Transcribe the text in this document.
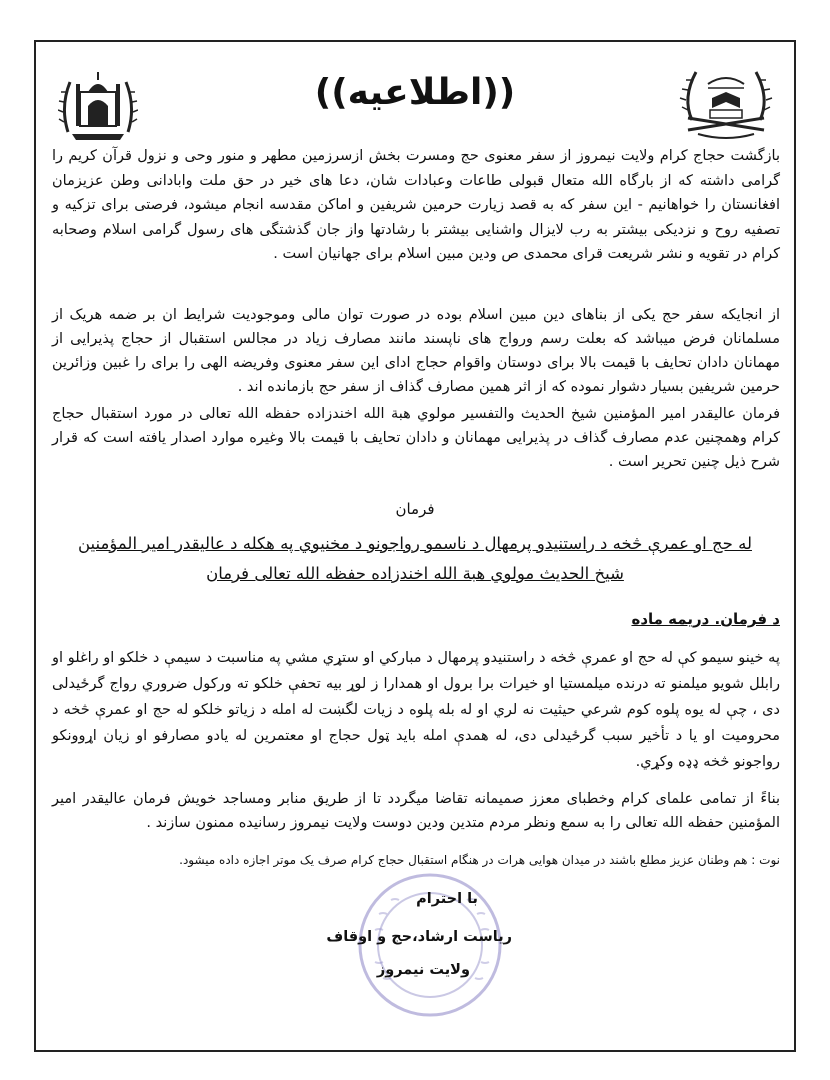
((اطلاعیه))
بازگشت حجاج کرام ولایت نیمروز از سفر معنوی حج ومسرت بخش ازسرزمین مطهر و منور وحی و نزول قرآن کریم را گرامی داشته که از بارگاه الله متعال قبولی طاعات وعبادات شان، دعا های خیر در حق ملت وابادانی وطن عزیزمان افغانستان را خواهانیم - این سفر که به قصد زیارت حرمین شریفین و اماکن مقدسه انجام میشود، فرصتی برای تزکیه و تصفیه روح و نزدیکی بیشتر به رب لایزال واشنایی بیشتر با رشادتها واز جان گذشتگی های رسول گرامی اسلام وصحابه کرام در تقویه و نشر شریعت قرای محمدی ص ودین مبین اسلام برای جهانیان است .
از انجایکه سفر حج یکی از بناهای دین مبین اسلام بوده در صورت توان مالی وموجودیت شرایط ان بر ضمه هریک از مسلمانان فرض میباشد که بعلت رسم ورواج های ناپسند مانند مصارف زیاد در مجالس استقبال از حجاج پذیرایی از مهمانان دادان تحایف با قیمت بالا برای دوستان واقوام حجاج ادای این سفر معنوی وفریضه الهی را برای را غبین وزائرین حرمین شریفین بسیار دشوار نموده که از اثر همین مصارف گذاف از سفر حج بازمانده اند .
فرمان عالیقدر امیر المؤمنین شیخ الحدیث والتفسیر مولوي هبة الله اخندزاده حفظه الله تعالی در مورد استقبال حجاج کرام وهمچنین عدم مصارف گذاف در پذیرایی مهمانان و دادان تحایف با قیمت بالا وغیره موارد اصدار یافته است که قرار شرح ذیل چنین تحریر است .
فرمان
له حج او عمرې څخه د راستنیدو پرمهال د ناسمو رواجونو د مخنیوي په هکله د عالیقدر امیر المؤمنین
شیخ الحدیث مولوي هبة الله اخندزاده حفظه الله تعالی فرمان
د فرمان. دریمه ماده
په خینو سیمو کې له حج او عمرې څخه د راستنیدو پرمهال د مبارکي او ستړي مشي په مناسبت د سیمې د خلکو او راغلو او رابلل شویو میلمنو ته درنده میلمستیا او خیرات برا برول او همدارا ز لوړ بیه تحفې خلکو ته ورکول ضروري رواج گرځیدلی دی ، چې له یوه پلوه کوم شرعي حیثیت نه لري او له بله پلوه د زیات لگښت له امله د زیاتو خلکو له حج او عمرې څخه د محرومیت او یا د تأخیر سبب گرځیدلی دی، له همدې امله باید ټول حجاج او معتمرین له یادو مصارفو او زیان اړوونکو رواجونو څخه ډډه وکړي.
بناءً از تمامی علمای کرام وخطبای معزز صمیمانه تقاضا میگردد تا از طریق منابر ومساجد خویش فرمان عالیقدر امیر المؤمنین حفظه الله تعالی را به سمع ونظر مردم متدین ودین دوست ولایت نیمروز رسانیده ممنون سازند .
نوت : هم وطنان عزیز مطلع باشند در میدان هوایی هرات در هنگام استقبال حجاج کرام صرف یک موتر اجازه داده میشود.
با احترام
ریاست ارشاد،حج و اوقاف
ولایت نیمروز
